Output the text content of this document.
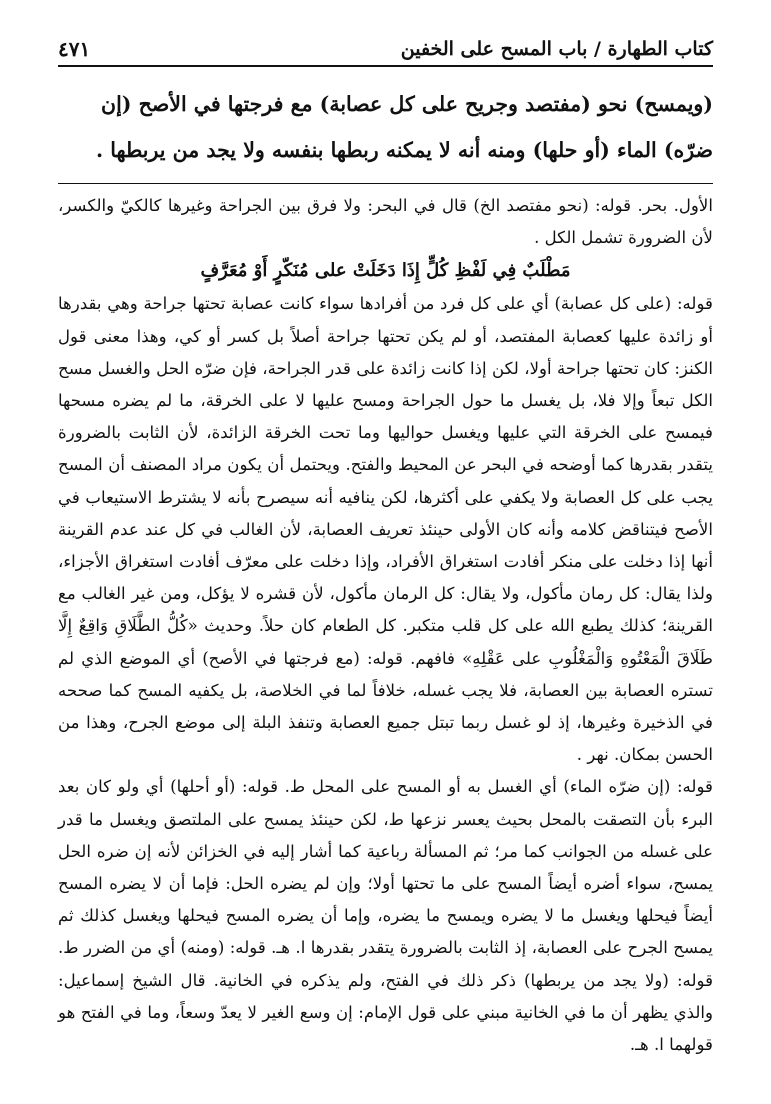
كتاب الطهارة / باب المسح على الخفين
٤٧١
(ويمسح) نحو (مفتصد وجريح على كل عصابة) مع فرجتها في الأصح (إن
ضرّه) الماء (أو حلها) ومنه أنه لا يمكنه ربطها بنفسه ولا يجد من يربطها .

الأول. بحر. قوله: (نحو مفتصد الخ) قال في البحر: ولا فرق بين الجراحة وغيرها كالكيّ والكسر، لأن الضرورة تشمل الكل .

مَطْلَبٌ فِي لَفْظِ كُلٍّ إِذَا دَخَلَتْ على مُنَكّرٍ أَوْ مُعَرَّفٍ

قوله: (على كل عصابة) أي على كل فرد من أفرادها سواء كانت عصابة تحتها جراحة وهي بقدرها أو زائدة عليها كعصابة المفتصد، أو لم يكن تحتها جراحة أصلاً بل كسر أو كي، وهذا معنى قول الكنز: كان تحتها جراحة أولا، لكن إذا كانت زائدة على قدر الجراحة، فإن ضرّه الحل والغسل مسح الكل تبعاً وإلا فلا، بل يغسل ما حول الجراحة ومسح عليها لا على الخرقة، ما لم يضره مسحها فيمسح على الخرقة التي عليها ويغسل حواليها وما تحت الخرقة الزائدة، لأن الثابت بالضرورة يتقدر بقدرها كما أوضحه في البحر عن المحيط والفتح. ويحتمل أن يكون مراد المصنف أن المسح يجب على كل العصابة ولا يكفي على أكثرها، لكن ينافيه أنه سيصرح بأنه لا يشترط الاستيعاب في الأصح فيتناقض كلامه وأنه كان الأولى حينئذ تعريف العصابة، لأن الغالب في كل عند عدم القرينة أنها إذا دخلت على منكر أفادت استغراق الأفراد، وإذا دخلت على معرّف أفادت استغراق الأجزاء، ولذا يقال: كل رمان مأكول، ولا يقال: كل الرمان مأكول، لأن قشره لا يؤكل، ومن غير الغالب مع القرينة؛ كذلك يطبع الله على كل قلب متكبر. كل الطعام كان حلاً. وحديث «كُلُّ الطَّلَاقِ وَاقِعٌ إِلَّا طَلَاقَ الْمَعْتُوهِ وَالْمَغْلُوبِ على عَقْلِهِ» فافهم. قوله: (مع فرجتها في الأصح) أي الموضع الذي لم تستره العصابة بين العصابة، فلا يجب غسله، خلافاً لما في الخلاصة، بل يكفيه المسح كما صححه في الذخيرة وغيرها، إذ لو غسل ربما تبتل جميع العصابة وتنفذ البلة إلى موضع الجرح، وهذا من الحسن بمكان. نهر .

قوله: (إن ضرّه الماء) أي الغسل به أو المسح على المحل ط. قوله: (أو أحلها) أي ولو كان بعد البرء بأن التصقت بالمحل بحيث يعسر نزعها ط، لكن حينئذ يمسح على الملتصق ويغسل ما قدر على غسله من الجوانب كما مر؛ ثم المسألة رباعية كما أشار إليه في الخزائن لأنه إن ضره الحل يمسح، سواء أضره أيضاً المسح على ما تحتها أولا؛ وإن لم يضره الحل: فإما أن لا يضره المسح أيضاً فيحلها ويغسل ما لا يضره ويمسح ما يضره، وإما أن يضره المسح فيحلها ويغسل كذلك ثم يمسح الجرح على العصابة، إذ الثابت بالضرورة يتقدر بقدرها ا. هـ. قوله: (ومنه) أي من الضرر ط. قوله: (ولا يجد من يربطها) ذكر ذلك في الفتح، ولم يذكره في الخانية. قال الشيخ إسماعيل: والذي يظهر أن ما في الخانية مبني على قول الإمام: إن وسع الغير لا يعدّ وسعاً، وما في الفتح هو قولهما ا. هـ.
